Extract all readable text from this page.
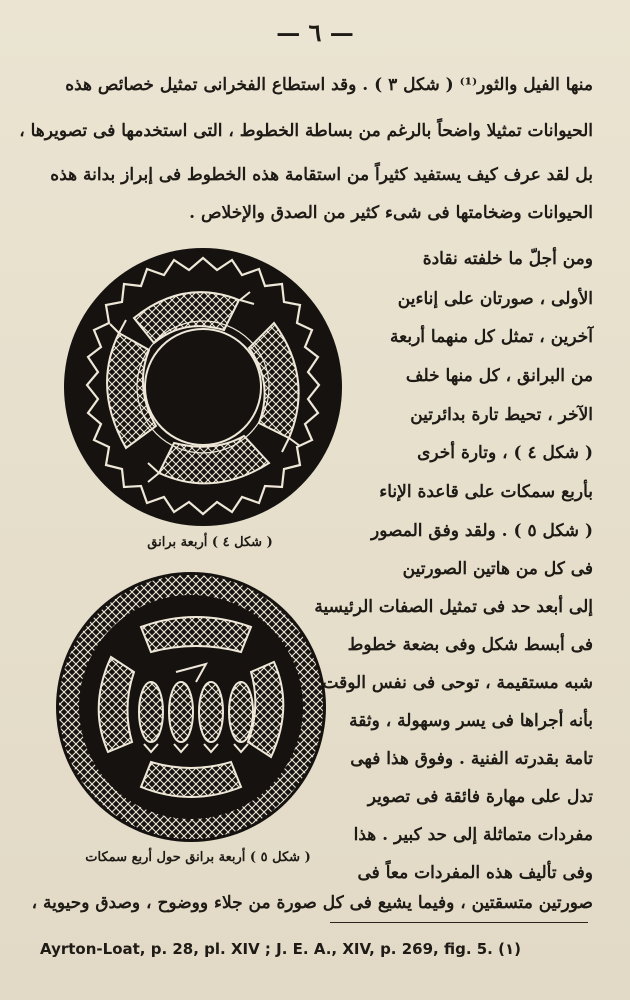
— ٦ —
منها الفيل والثور⁽¹⁾ ( شكل ٣ ) . وقد استطاع الفخرانى تمثيل خصائص هذه
الحيوانات تمثيلا واضحاً بالرغم من بساطة الخطوط ، التى استخدمها فى تصويرها ،
بل لقد عرف كيف يستفيد كثيراً من استقامة هذه الخطوط فى إبراز بدانة هذه
الحيوانات وضخامتها فى شىء كثير من الصدق والإخلاص .
( شكل ٤ ) أربعة برانق
( شكل ٥ ) أربعة برانق حول أربع سمكات
ومن أجلّ ما خلفته نقادة
الأولى ، صورتان على إناءين
آخرين ، تمثل كل منهما أربعة
من البرانق ، كل منها خلف
الآخر ، تحيط تارة بدائرتين
( شكل ٤ ) ، وتارة أخرى
بأربع سمكات على قاعدة الإناء
( شكل ٥ ) . ولقد وفق المصور
فى كل من هاتين الصورتين
إلى أبعد حد فى تمثيل الصفات الرئيسية
فى أبسط شكل وفى بضعة خطوط
شبه مستقيمة ، توحى فى نفس الوقت
بأنه أجراها فى يسر وسهولة ، وثقة
تامة بقدرته الفنية . وفوق هذا فهى
تدل على مهارة فائقة فى تصوير
مفردات متماثلة إلى حد كبير . هذا
وفى تأليف هذه المفردات معاً فى
صورتين متسقتين ، وفيما يشيع فى كل صورة من جلاء ووضوح ، وصدق وحيوية ،
Ayrton-Loat, p. 28, pl. XIV ; J. E. A., XIV, p. 269, fig. 5. (١)
